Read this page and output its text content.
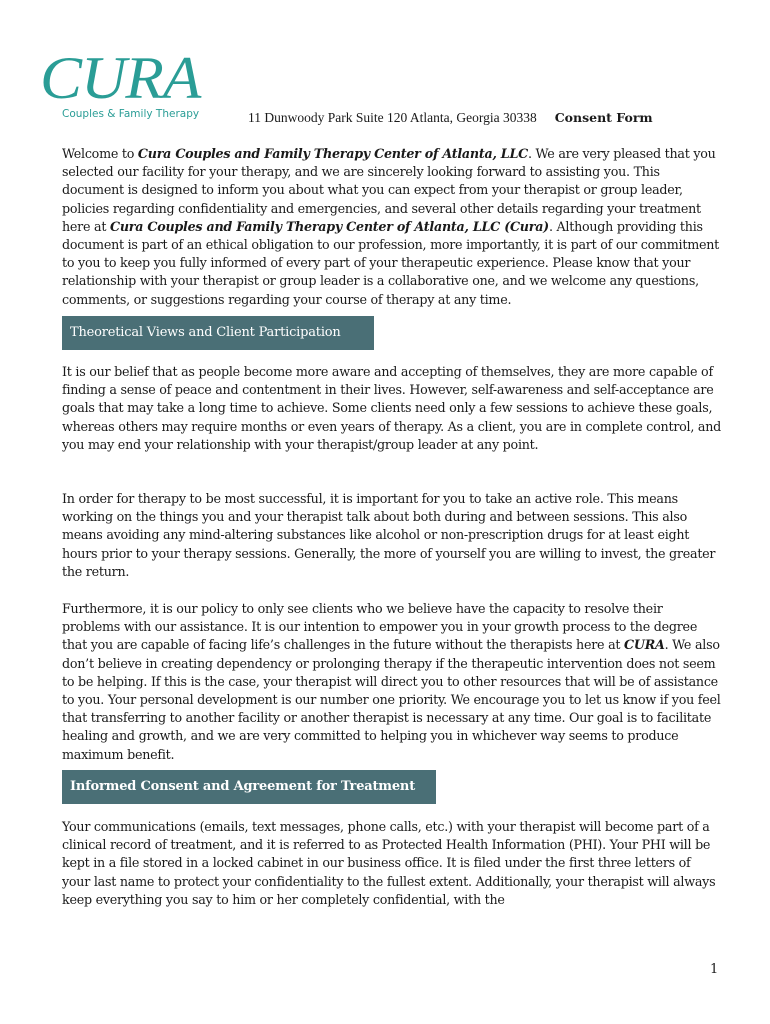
CURA
Couples & Family Therapy	11 Dunwoody Park Suite 120 Atlanta, Georgia 30338 Consent Form
Welcome to Cura Couples and Family Therapy Center of Atlanta, LLC. We are very pleased that you selected our facility for your therapy, and we are sincerely looking forward to assisting you. This document is designed to inform you about what you can expect from your therapist or group leader, policies regarding confidentiality and emergencies, and several other details regarding your treatment here at Cura Couples and Family Therapy Center of Atlanta, LLC (Cura). Although providing this document is part of an ethical obligation to our profession, more importantly, it is part of our commitment to you to keep you fully informed of every part of your therapeutic experience. Please know that your relationship with your therapist or group leader is a collaborative one, and we welcome any questions, comments, or suggestions regarding your course of therapy at any time.
Theoretical Views and Client Participation
It is our belief that as people become more aware and accepting of themselves, they are more capable of finding a sense of peace and contentment in their lives. However, self-awareness and self-acceptance are goals that may take a long time to achieve. Some clients need only a few sessions to achieve these goals, whereas others may require months or even years of therapy. As a client, you are in complete control, and you may end your relationship with your therapist/group leader at any point.
In order for therapy to be most successful, it is important for you to take an active role. This means working on the things you and your therapist talk about both during and between sessions. This also means avoiding any mind-altering substances like alcohol or non-prescription drugs for at least eight hours prior to your therapy sessions. Generally, the more of yourself you are willing to invest, the greater the return.
Furthermore, it is our policy to only see clients who we believe have the capacity to resolve their problems with our assistance. It is our intention to empower you in your growth process to the degree that you are capable of facing life’s challenges in the future without the therapists here at CURA. We also don’t believe in creating dependency or prolonging therapy if the therapeutic intervention does not seem to be helping. If this is the case, your therapist will direct you to other resources that will be of assistance to you. Your personal development is our number one priority. We encourage you to let us know if you feel that transferring to another facility or another therapist is necessary at any time. Our goal is to facilitate healing and growth, and we are very committed to helping you in whichever way seems to produce maximum benefit.
Informed Consent and Agreement for Treatment
Your communications (emails, text messages, phone calls, etc.) with your therapist will become part of a clinical record of treatment, and it is referred to as Protected Health Information (PHI). Your PHI will be kept in a file stored in a locked cabinet in our business office. It is filed under the first three letters of your last name to protect your confidentiality to the fullest extent. Additionally, your therapist will always keep everything you say to him or her completely confidential, with the
1
